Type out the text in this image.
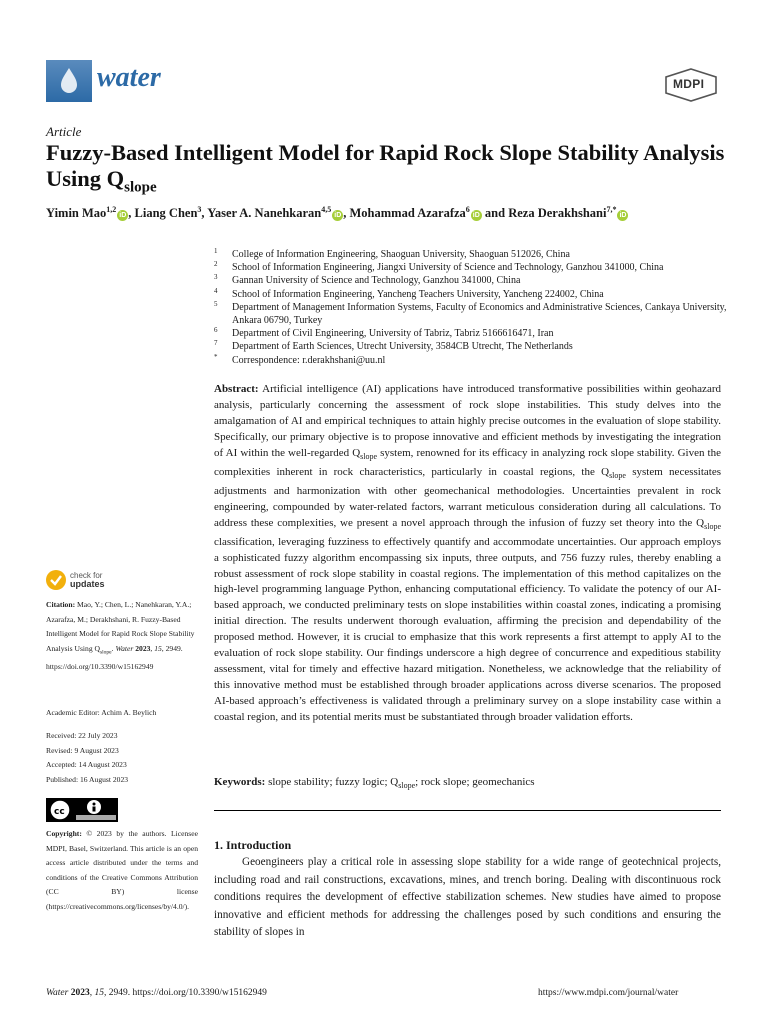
water	MDPI
Article
Fuzzy-Based Intelligent Model for Rapid Rock Slope Stability Analysis Using $Q_{slope}$
Yimin Mao$^{1,2}$iD , Liang Chen$^3$, Yaser A. Nanehkaran$^{4,5}$iD , Mohammad Azarafza$^6$iD and Reza Derakhshani$^{7,*}$iD
1 College of Information Engineering, Shaoguan University, Shaoguan 512026, China
2 School of Information Engineering, Jiangxi University of Science and Technology, Ganzhou 341000, China
3 Gannan University of Science and Technology, Ganzhou 341000, China
4 School of Information Engineering, Yancheng Teachers University, Yancheng 224002, China
5 Department of Management Information Systems, Faculty of Economics and Administrative Sciences, Cankaya University, Ankara 06790, Turkey
6 Department of Civil Engineering, University of Tabriz, Tabriz 5166616471, Iran
7 Department of Earth Sciences, Utrecht University, 3584CB Utrecht, The Netherlands
* Correspondence: r.derakhshani@uu.nl
Abstract: Artificial intelligence (AI) applications have introduced transformative possibilities within geohazard analysis, particularly concerning the assessment of rock slope instabilities. This study delves into the amalgamation of AI and empirical techniques to attain highly precise outcomes in the evaluation of slope stability. Specifically, our primary objective is to propose innovative and efficient methods by investigating the integration of AI within the well-regarded $Q_{slope}$ system, renowned for its efficacy in analyzing rock slope stability. Given the complexities inherent in rock characteristics, particularly in coastal regions, the $Q_{slope}$ system necessitates adjustments and harmonization with other geomechanical methodologies. Uncertainties prevalent in rock engineering, compounded by water-related factors, warrant meticulous consideration during all calculations. To address these complexities, we present a novel approach through the infusion of fuzzy set theory into the $Q_{slope}$ classification, leveraging fuzziness to effectively quantify and accommodate uncertainties. Our approach employs a sophisticated fuzzy algorithm encompassing six inputs, three outputs, and 756 fuzzy rules, thereby enabling a robust assessment of rock slope stability in coastal regions. The implementation of this method capitalizes on the high-level programming language Python, enhancing computational efficiency. To validate the potency of our AI-based approach, we conducted preliminary tests on slope instabilities within coastal zones, indicating a promising initial direction. The results underwent thorough evaluation, affirming the precision and dependability of the proposed method. However, it is crucial to emphasize that this work represents a first attempt to apply AI to the evaluation of rock slope stability. Our findings underscore a high degree of concurrence and expeditious stability assessment, vital for timely and effective hazard mitigation. Nonetheless, we acknowledge that the reliability of this innovative method must be established through broader applications across diverse scenarios. The proposed AI-based approach’s effectiveness is validated through a preliminary survey on a slope instability case within a coastal region, and its potential merits must be substantiated through broader validation efforts.
Keywords: slope stability; fuzzy logic; $Q_{slope}$; rock slope; geomechanics
1. Introduction
Geoengineers play a critical role in assessing slope stability for a wide range of geotechnical projects, including road and rail constructions, excavations, mines, and trench boring. Dealing with discontinuous rock conditions requires the development of effective stabilization schemes. New studies have aimed to propose innovative and efficient methods for addressing the challenges posed by such conditions and ensuring the stability of slopes in
check for
updates
Citation: Mao, Y.; Chen, L.; Nanehkaran, Y.A.; Azarafza, M.; Derakhshani, R. Fuzzy-Based Intelligent Model for Rapid Rock Slope Stability Analysis Using $Q_{slope}$. Water 2023, 15, 2949. https://doi.org/10.3390/w15162949
Academic Editor: Achim A. Beylich
Received: 22 July 2023
Revised: 9 August 2023
Accepted: 14 August 2023
Published: 16 August 2023
cc
Copyright: © 2023 by the authors. Licensee MDPI, Basel, Switzerland. This article is an open access article distributed under the terms and conditions of the Creative Commons Attribution (CC BY) license (https://creativecommons.org/licenses/by/4.0/).
Water 2023, 15, 2949. https://doi.org/10.3390/w15162949	https://www.mdpi.com/journal/water
